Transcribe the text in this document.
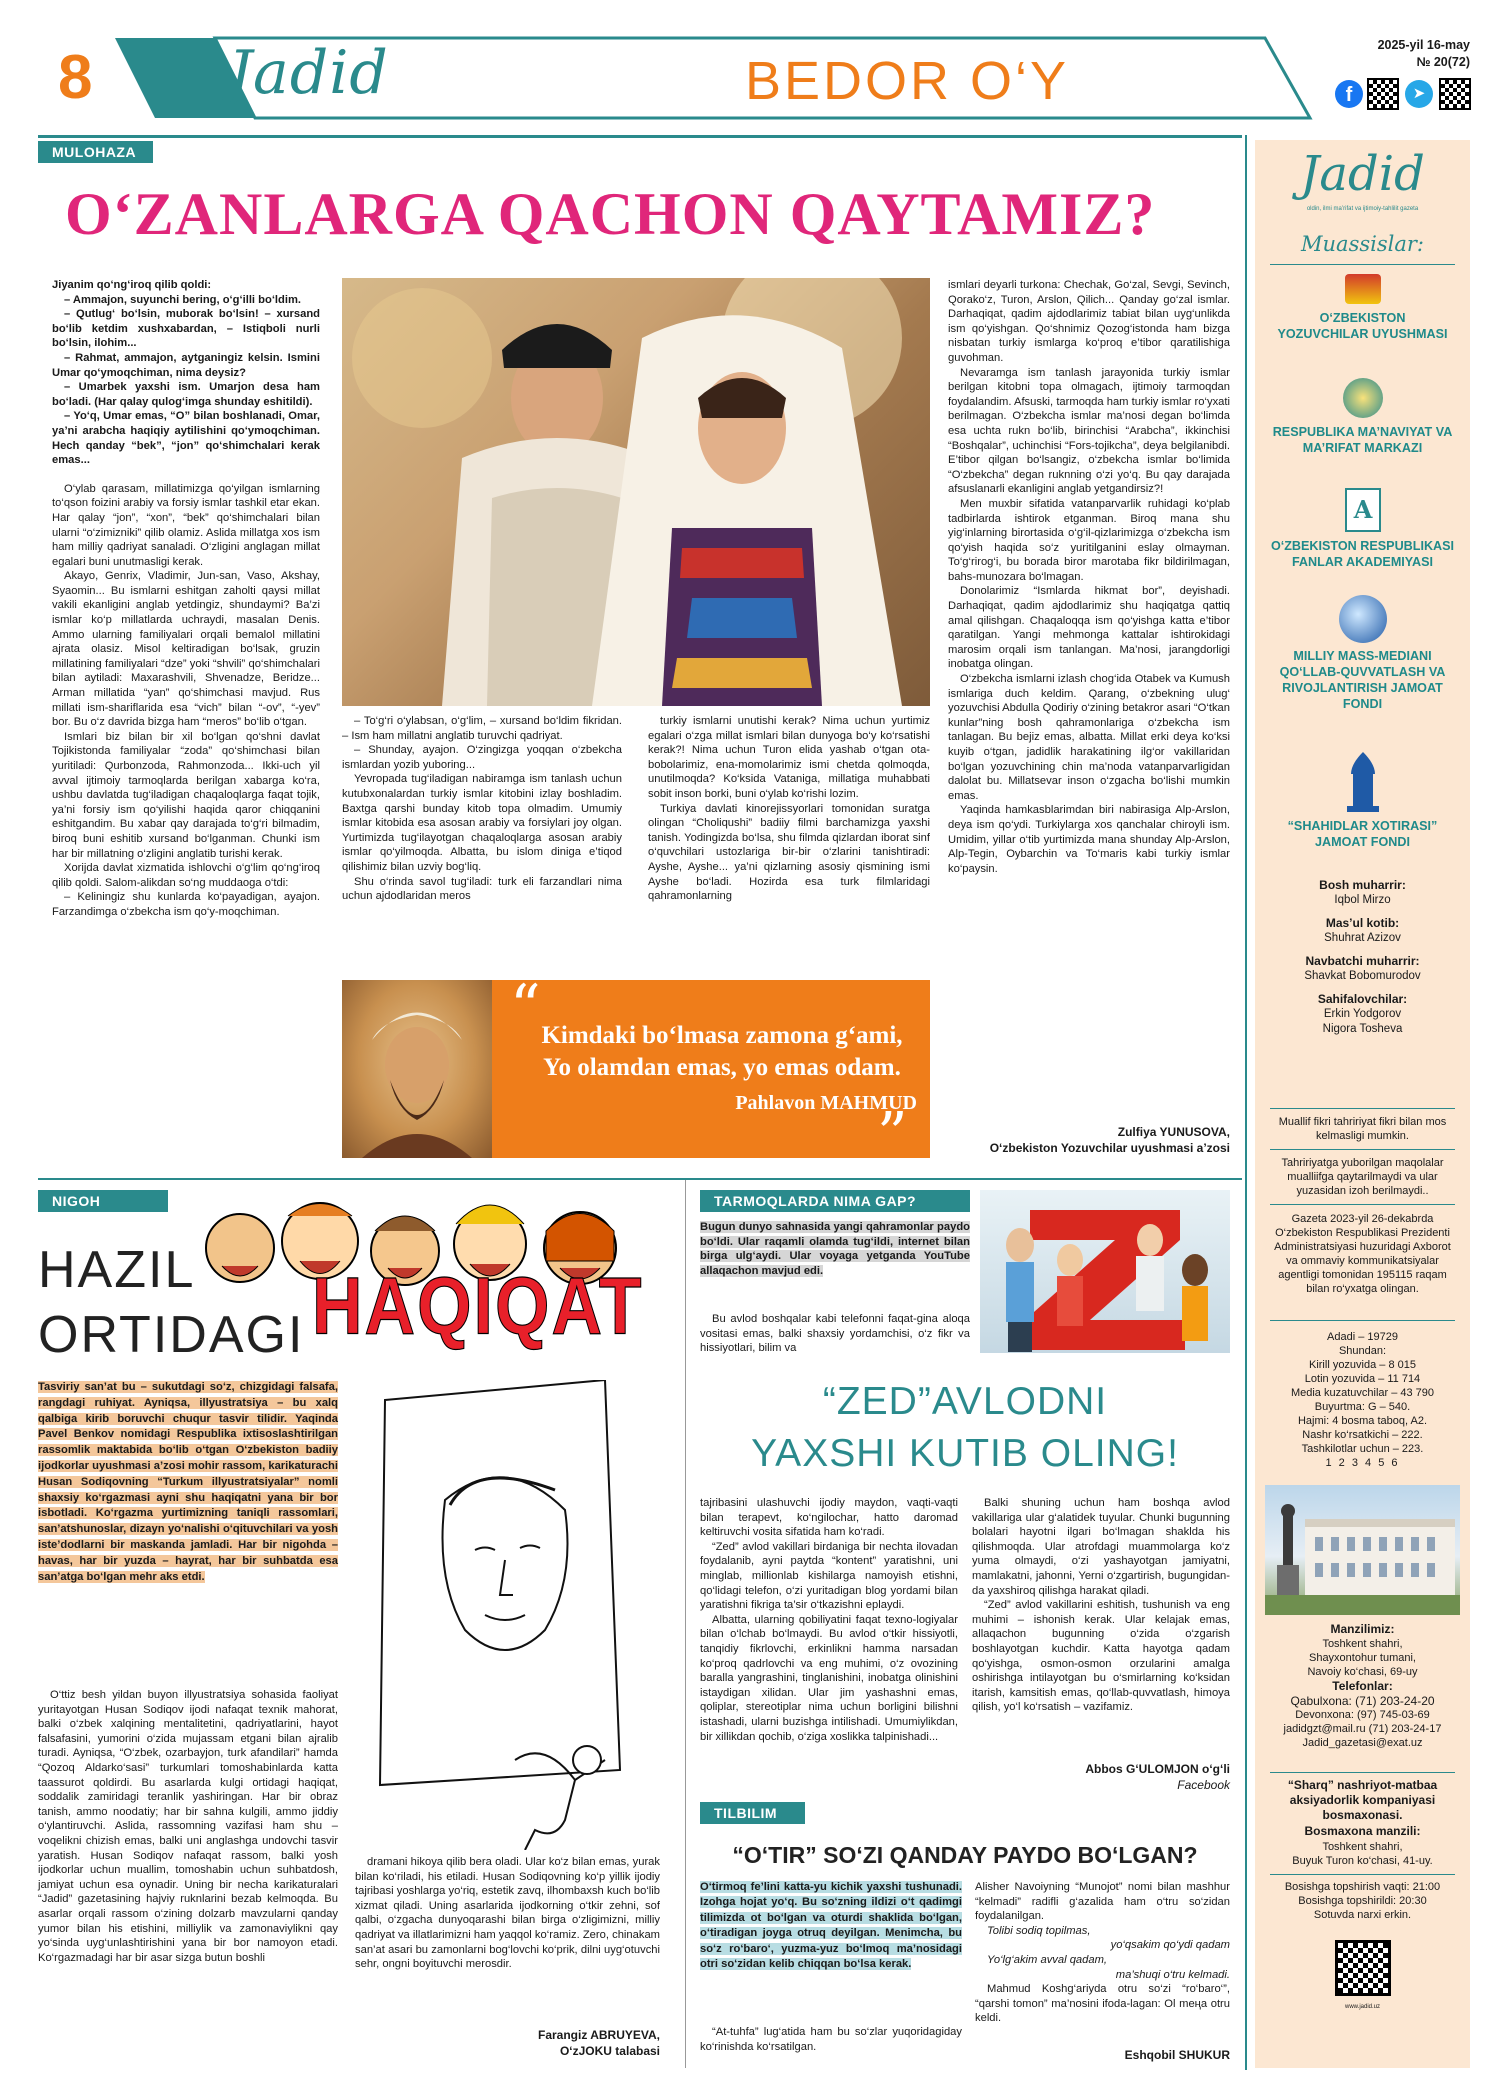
8 Jadid	BEDOR O‘Y
2025-yil 16-may
№ 20(72)
f	➤
MULOHAZA
O‘ZANLARGA QACHON QAYTAMIZ?

Jiyanim qo‘ng‘iroq qilib qoldi:

– Ammajon, suyunchi bering, o‘g‘illi bo‘ldim.

– Qutlug‘ bo‘lsin, muborak bo‘lsin! – xursand bo‘lib ketdim xushxabardan, – Istiqboli nurli bo‘lsin, ilohim...

– Rahmat, ammajon, aytganingiz kelsin. Ismini Umar qo‘ymoqchiman, nima deysiz?

– Umarbek yaxshi ism. Umarjon desa ham bo‘ladi. (Har qalay qulog‘imga shunday eshitildi).

– Yo‘q, Umar emas, “O” bilan boshlanadi, Omar, ya’ni arabcha haqiqiy aytilishini qo‘ymoqchiman. Hech qanday “bek”, “jon” qo‘shimchalari kerak emas...

O‘ylab qarasam, millatimizga qo‘yilgan ismlarning to‘qson foizini arabiy va forsiy ismlar tashkil etar ekan. Har qalay “jon”, “xon”, “bek” qo‘shimchalari bilan ularni “o‘zimizniki” qilib olamiz. Aslida millatga xos ism ham milliy qadriyat sanaladi. O‘zligini anglagan millat egalari buni unutmasligi kerak.

Akayo, Genrix, Vladimir, Jun-san, Vaso, Akshay, Syaomin... Bu ismlarni eshitgan zaholti qaysi millat vakili ekanligini anglab yetdingiz, shundaymi? Ba’zi ismlar ko‘p millatlarda uchraydi, masalan Denis. Ammo ularning familiyalari orqali bemalol millatini ajrata olasiz. Misol keltiradigan bo‘lsak, gruzin millatining familiyalari “dze” yoki “shvili” qo‘shimchalari bilan aytiladi: Maxarashvili, Shvenadze, Beridze... Arman millatida “yan” qo‘shimchasi mavjud. Rus millati ism-shariflarida esa “vich” bilan “-ov”, “-yev” bor. Bu o‘z davrida bizga ham “meros” bo‘lib o‘tgan.

Ismlari biz bilan bir xil bo‘lgan qo‘shni davlat Tojikistonda familiyalar “zoda” qo‘shimchasi bilan yuritiladi: Qurbonzoda, Rahmonzoda... Ikki-uch yil avval ijtimoiy tarmoqlarda berilgan xabarga ko‘ra, ushbu davlatda tug‘iladigan chaqaloqlarga faqat tojik, ya’ni forsiy ism qo‘yilishi haqida qaror chiqqanini eshitgandim. Bu xabar qay darajada to‘g‘ri bilmadim, biroq buni eshitib xursand bo‘lganman. Chunki ism har bir millatning o‘zligini anglatib turishi kerak.

Xorijda davlat xizmatida ishlovchi o‘g‘lim qo‘ng‘iroq qilib qoldi. Salom-alikdan so‘ng muddaoga o‘tdi:

– Keliningiz shu kunlarda ko‘payadigan, ayajon. Farzandimga o‘zbekcha ism qo‘y-moqchiman.

– To‘g‘ri o‘ylabsan, o‘g‘lim, – xursand bo‘ldim fikridan. – Ism ham millatni anglatib turuvchi qadriyat.

– Shunday, ayajon. O‘zingizga yoqqan o‘zbekcha ismlardan yozib yuboring...

Yevropada tug‘iladigan nabiramga ism tanlash uchun kutubxonalardan turkiy ismlar kitobini izlay boshladim. Baxtga qarshi bunday kitob topa olmadim. Umumiy ismlar kitobida esa asosan arabiy va forsiylari joy olgan. Yurtimizda tug‘ilayotgan chaqaloqlarga asosan arabiy ismlar qo‘yilmoqda. Albatta, bu islom diniga e’tiqod qilishimiz bilan uzviy bog‘liq.

Shu o‘rinda savol tug‘iladi: turk eli farzandlari nima uchun ajdodlaridan meros

turkiy ismlarni unutishi kerak? Nima uchun yurtimiz egalari o‘zga millat ismlari bilan dunyoga bo‘y ko‘rsatishi kerak?! Nima uchun Turon elida yashab o‘tgan ota-bobolarimiz, ena-momolarimiz ismi chetda qolmoqda, unutilmoqda? Ko‘ksida Vataniga, millatiga muhabbati sobit inson borki, buni o‘ylab ko‘rishi lozim.

Turkiya davlati kinorejissyorlari tomonidan suratga olingan “Choliqushi” badiiy filmi barchamizga yaxshi tanish. Yodingizda bo‘lsa, shu filmda qizlardan iborat sinf o‘quvchilari ustozlariga bir-bir o‘zlarini tanishtiradi: Ayshe, Ayshe... ya’ni qizlarning asosiy qismining ismi Ayshe bo‘ladi. Hozirda esa turk filmlaridagi qahramonlarning

“ Kimdaki bo‘lmasa zamona g‘ami,
Yo olamdan emas, yo emas odam.
Pahlavon MAHMUD
”

ismlari deyarli turkona: Chechak, Go‘zal, Sevgi, Sevinch, Qorako‘z, Turon, Arslon, Qilich... Qanday go‘zal ismlar. Darhaqiqat, qadim ajdodlarimiz tabiat bilan uyg‘unlikda ism qo‘yishgan. Qo‘shnimiz Qozog‘istonda ham bizga nisbatan turkiy ismlarga ko‘proq e’tibor qaratilishiga guvohman.

Nevaramga ism tanlash jarayonida turkiy ismlar berilgan kitobni topa olmagach, ijtimoiy tarmoqdan foydalandim. Afsuski, tarmoqda ham turkiy ismlar ro‘yxati berilmagan. O‘zbekcha ismlar ma’nosi degan bo‘limda esa uchta rukn bo‘lib, birinchisi “Arabcha”, ikkinchisi “Boshqalar”, uchinchisi “Fors-tojikcha”, deya belgilanibdi. E’tibor qilgan bo‘lsangiz, o‘zbekcha ismlar bo‘limida “O‘zbekcha” degan ruknning o‘zi yo‘q. Bu qay darajada afsuslanarli ekanligini anglab yetgandirsiz?!

Men muxbir sifatida vatanparvarlik ruhidagi ko‘plab tadbirlarda ishtirok etganman. Biroq mana shu yig‘inlarning birortasida o‘g‘il-qizlarimizga o‘zbekcha ism qo‘yish haqida so‘z yuritilganini eslay olmayman. To‘g‘rirog‘i, bu borada biror marotaba fikr bildirilmagan, bahs-munozara bo‘lmagan.

Donolarimiz “Ismlarda hikmat bor”, deyishadi. Darhaqiqat, qadim ajdodlarimiz shu haqiqatga qattiq amal qilishgan. Chaqaloqqa ism qo‘yishga katta e’tibor qaratilgan. Yangi mehmonga kattalar ishtirokidagi marosim orqali ism tanlangan. Ma’nosi, jarangdorligi inobatga olingan.

O‘zbekcha ismlarni izlash chog‘ida Otabek va Kumush ismlariga duch keldim. Qarang, o‘zbekning ulug‘ yozuvchisi Abdulla Qodiriy o‘zining betakror asari “O‘tkan kunlar”ning bosh qahramonlariga o‘zbekcha ism tanlagan. Bu bejiz emas, albatta. Millat erki deya ko‘ksi kuyib o‘tgan, jadidlik harakatining ilg‘or vakillaridan bo‘lgan yozuvchining chin ma’noda vatanparvarligidan dalolat bu. Millatsevar inson o‘zgacha bo‘lishi mumkin emas.

Yaqinda hamkasblarimdan biri nabirasiga Alp-Arslon, deya ism qo‘ydi. Turkiylarga xos qanchalar chiroyli ism. Umidim, yillar o‘tib yurtimizda mana shunday Alp-Arslon, Alp-Tegin, Oybarchin va To‘maris kabi turkiy ismlar ko‘paysin.

Zulfiya YUNUSOVA,
O‘zbekiston Yozuvchilar uyushmasi a’zosi
NIGOH
HAZIL
ORTIDAGI HAQIQAT

Tasviriy san’at bu – sukutdagi so‘z, chizgidagi falsafa, rangdagi ruhiyat. Ayniqsa, illyustratsiya – bu xalq qalbiga kirib boruvchi chuqur tasvir tilidir. Yaqinda Pavel Benkov nomidagi Respublika ixtisoslashtirilgan rassomlik maktabida bo‘lib o‘tgan O‘zbekiston badiiy ijodkorlar uyushmasi a’zosi mohir rassom, karikaturachi Husan Sodiqovning “Turkum illyustratsiyalar” nomli shaxsiy ko‘rgazmasi ayni shu haqiqatni yana bir bor isbotladi. Ko‘rgazma yurtimizning taniqli rassomlari, san’atshunoslar, dizayn yo‘nalishi o‘qituvchilari va yosh iste’dodlarni bir maskanda jamladi. Har bir nigohda – havas, har bir yuzda – hayrat, har bir suhbatda esa san’atga bo‘lgan mehr aks etdi.

O‘ttiz besh yildan buyon illyustratsiya sohasida faoliyat yuritayotgan Husan Sodiqov ijodi nafaqat texnik mahorat, balki o‘zbek xalqining mentalitetini, qadriyatlarini, hayot falsafasini, yumorini o‘zida mujassam etgani bilan ajralib turadi. Ayniqsa, “O‘zbek, ozarbayjon, turk afandilari” hamda “Qozoq Aldarko‘sasi” turkumlari tomoshabinlarda katta taassurot qoldirdi. Bu asarlarda kulgi ortidagi haqiqat, soddalik zamiridagi teranlik yashiringan. Har bir obraz tanish, ammo noodatiy; har bir sahna kulgili, ammo jiddiy o‘ylantiruvchi. Aslida, rassomning vazifasi ham shu – voqelikni chizish emas, balki uni anglashga undovchi tasvir yaratish. Husan Sodiqov nafaqat rassom, balki yosh ijodkorlar uchun muallim, tomoshabin uchun suhbatdosh, jamiyat uchun esa oynadir. Uning bir necha karikaturalari “Jadid” gazetasining hajviy ruknlarini bezab kelmoqda. Bu asarlar orqali rassom o‘zining dolzarb mavzularni qanday yumor bilan his etishini, milliylik va zamonaviylikni qay yo‘sinda uyg‘unlashtirishini yana bir bor namoyon etadi. Ko‘rgazmadagi har bir asar sizga butun boshli

dramani hikoya qilib bera oladi. Ular ko‘z bilan emas, yurak bilan ko‘riladi, his etiladi. Husan Sodiqovning ko‘p yillik ijodiy tajribasi yoshlarga yo‘riq, estetik zavq, ilhombaxsh kuch bo‘lib xizmat qiladi. Uning asarlarida ijodkorning o‘tkir zehni, sof qalbi, o‘zgacha dunyoqarashi bilan birga o‘zligimizni, milliy qadriyat va illatlarimizni ham yaqqol ko‘ramiz. Zero, chinakam san’at asari bu zamonlarni bog‘lovchi ko‘prik, dilni uyg‘otuvchi sehr, ongni boyituvchi merosdir.

Farangiz ABRUYEVA,
O‘zJOKU talabasi
TARMOQLARDA NIMA GAP?

Bugun dunyo sahnasida yangi qahramonlar paydo bo‘ldi. Ular raqamli olamda tug‘ildi, internet bilan birga ulg‘aydi. Ular voyaga yetganda YouTube allaqachon mavjud edi.

Bu avlod boshqalar kabi telefonni faqat-gina aloqa vositasi emas, balki shaxsiy yordamchisi, o‘z fikr va hissiyotlari, bilim va

“ZED”AVLODNI
YAXSHI KUTIB OLING!

tajribasini ulashuvchi ijodiy maydon, vaqti-vaqti bilan terapevt, ko‘ngilochar, hatto daromad keltiruvchi vosita sifatida ham ko‘radi.

“Zed” avlod vakillari birdaniga bir nechta ilovadan foydalanib, ayni paytda “kontent” yaratishni, uni minglab, millionlab kishilarga namoyish etishni, qo‘lidagi telefon, o‘zi yuritadigan blog yordami bilan yaratishni fikriga ta’sir o‘tkazishni eplaydi.

Albatta, ularning qobiliyatini faqat texno-logiyalar bilan o‘lchab bo‘lmaydi. Bu avlod o‘tkir hissiyotli, tanqidiy fikrlovchi, erkinlikni hamma narsadan ko‘proq qadrlovchi va eng muhimi, o‘z ovozining baralla yangrashini, tinglanishini, inobatga olinishini istaydigan xilidan. Ular jim yashashni emas, qoliplar, stereotiplar nima uchun borligini bilishni istashadi, ularni buzishga intilishadi. Umumiylikdan, bir xillikdan qochib, o‘ziga xoslikka talpinishadi...

Balki shuning uchun ham boshqa avlod vakillariga ular g‘alatidek tuyular. Chunki bugunning bolalari hayotni ilgari bo‘lmagan shaklda his qilishmoqda. Ular atrofdagi muammolarga ko‘z yuma olmaydi, o‘zi yashayotgan jamiyatni, mamlakatni, jahonni, Yerni o‘zgartirish, bugungidan-da yaxshiroq qilishga harakat qiladi.

“Zed” avlod vakillarini eshitish, tushunish va eng muhimi – ishonish kerak. Ular kelajak emas, allaqachon bugunning o‘zida o‘zgarish boshlayotgan kuchdir. Katta hayotga qadam qo‘yishga, osmon-osmon orzularini amalga oshirishga intilayotgan bu o‘smirlarning ko‘ksidan itarish, kamsitish emas, qo‘llab-quvvatlash, himoya qilish, yo‘l ko‘rsatish – vazifamiz.

Abbos G‘ULOMJON o‘g‘li
Facebook
TILBILIM
“O‘TIR” SO‘ZI QANDAY PAYDO BO‘LGAN?

O‘tirmoq fe’lini katta-yu kichik yaxshi tushunadi. Izohga hojat yo‘q. Bu so‘zning ildizi o‘t qadimgi tilimizda ot bo‘lgan va oturdi shaklida bo‘lgan, o‘tiradigan joyga otruq deyilgan. Menimcha, bu so‘z ro‘baro‘, yuzma-yuz bo‘lmoq ma’nosidagi otri so‘zidan kelib chiqqan bo‘lsa kerak.

“At-tuhfa” lug‘atida ham bu so‘zlar yuqoridagiday ko‘rinishda ko‘rsatilgan.

Alisher Navoiyning “Munojot” nomi bilan mashhur “kelmadi” radifli g‘azalida ham o‘tru so‘zidan foydalanilgan.

Tolibi sodiq topilmas,

yo‘qsakim qo‘ydi qadam

Yo‘lg‘akim avval qadam,

ma’shuqi o‘tru kelmadi.

Mahmud Koshg‘ariyda otru so‘zi “ro‘baro‘”, “qarshi tomon” ma’nosini ifoda-lagan: Ol meңa otru keldi.

Eshqobil SHUKUR
Jadid
oldin, ilmi ma’rifat va ijtimoiy-tahlilit gazeta
Muassislar:
O‘ZBEKISTON YOZUVCHILAR UYUSHMASI
RESPUBLIKA MA’NAVIYAT VA MA’RIFAT MARKAZI
A
O‘ZBEKISTON RESPUBLIKASI FANLAR AKADEMIYASI
MILLIY MASS-MEDIANI QO‘LLAB-QUVVATLASH VA RIVOJLANTIRISH JAMOAT FONDI
“SHAHIDLAR XOTIRASI” JAMOAT FONDI
Bosh muharrir:
Iqbol Mirzo
Mas’ul kotib:
Shuhrat Azizov
Navbatchi muharrir:
Shavkat Bobomurodov
Sahifalovchilar:
Erkin Yodgorov
Nigora Tosheva
Muallif fikri tahririyat fikri bilan mos kelmasligi mumkin.
Tahririyatga yuborilgan maqolalar mualliifga qaytarilmaydi va ular yuzasidan izoh berilmaydi..
Gazeta 2023-yil 26-dekabrda O‘zbekiston Respublikasi Prezidenti Administratsiyasi huzuridagi Axborot va ommaviy kommunikatsiyalar agentligi tomonidan 195115 raqam bilan ro‘yxatga olingan.
Adadi – 19729
Shundan:
Kirill yozuvida – 8 015
Lotin yozuvida – 11 714
Media kuzatuvchilar – 43 790
Buyurtma: G – 540.
Hajmi: 4 bosma taboq, A2.
Nashr ko‘rsatkichi – 222.
Tashkilotlar uchun – 223.
1 2 3 4 5 6
Manzilimiz:
Toshkent shahri,
Shayxontohur tumani,
Navoiy ko‘chasi, 69-uy
Telefonlar:
Qabulxona: (71) 203-24-20
Devonxona: (97) 745-03-69
jadidgzt@mail.ru (71) 203-24-17
Jadid_gazetasi@exat.uz
“Sharq” nashriyot-matbaa aksiyadorlik kompaniyasi bosmaxonasi.
Bosmaxona manzili:
Toshkent shahri,
Buyuk Turon ko‘chasi, 41-uy.
Bosishga topshirish vaqti: 21:00
Bosishga topshirildi: 20:30
Sotuvda narxi erkin.
www.jadid.uz
